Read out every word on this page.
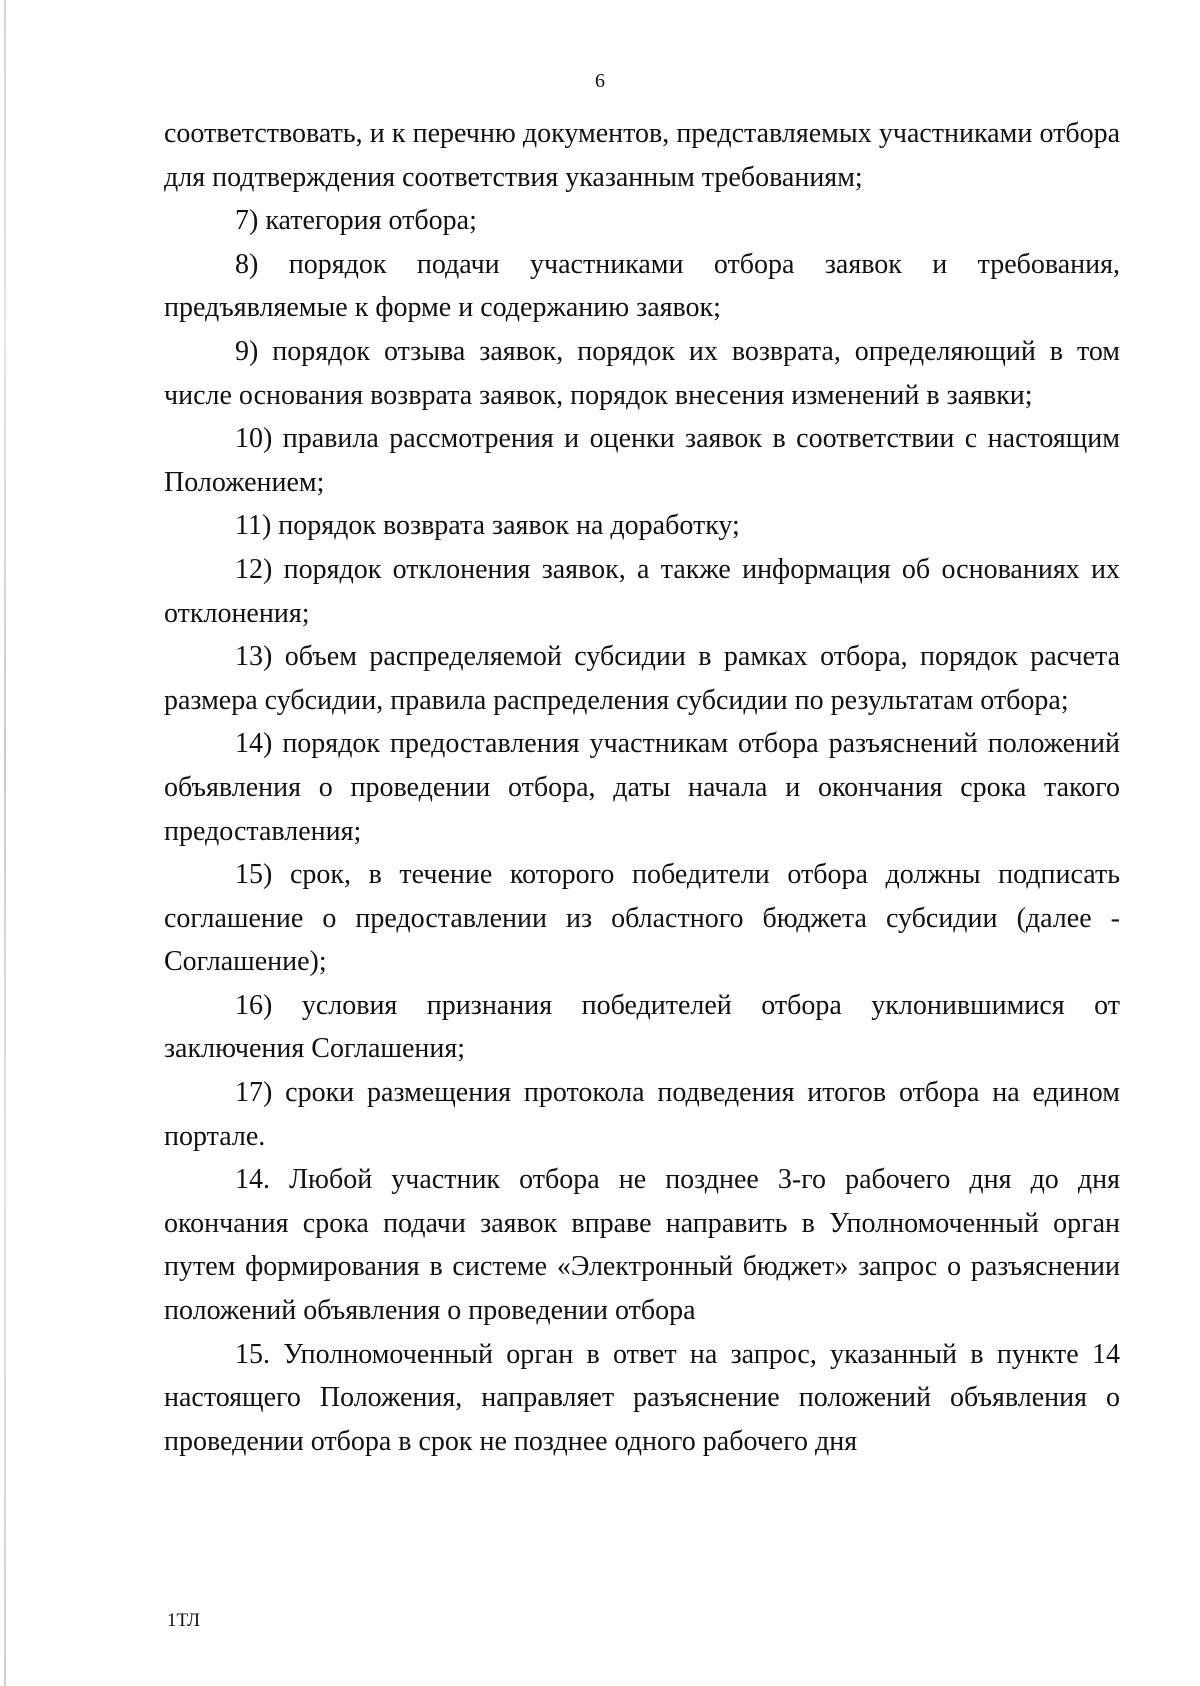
6

соответствовать, и к перечню документов, представляемых участниками отбора для подтверждения соответствия указанным требованиям;

7) категория отбора;

8) порядок подачи участниками отбора заявок и требования, предъявляемые к форме и содержанию заявок;

9) порядок отзыва заявок, порядок их возврата, определяющий в том числе основания возврата заявок, порядок внесения изменений в заявки;

10) правила рассмотрения и оценки заявок в соответствии с настоящим Положением;

11) порядок возврата заявок на доработку;

12) порядок отклонения заявок, а также информация об основаниях их отклонения;

13) объем распределяемой субсидии в рамках отбора, порядок расчета размера субсидии, правила распределения субсидии по результатам отбора;

14) порядок предоставления участникам отбора разъяснений положений объявления о проведении отбора, даты начала и окончания срока такого предоставления;

15) срок, в течение которого победители отбора должны подписать соглашение о предоставлении из областного бюджета субсидии (далее - Соглашение);

16) условия признания победителей отбора уклонившимися от заключения Соглашения;

17) сроки размещения протокола подведения итогов отбора на едином портале.

14. Любой участник отбора не позднее 3-го рабочего дня до дня окончания срока подачи заявок вправе направить в Уполномоченный орган путем формирования в системе «Электронный бюджет» запрос о разъяснении положений объявления о проведении отбора

15. Уполномоченный орган в ответ на запрос, указанный в пункте 14 настоящего Положения, направляет разъяснение положений объявления о проведении отбора в срок не позднее одного рабочего дня

1ТЛ
